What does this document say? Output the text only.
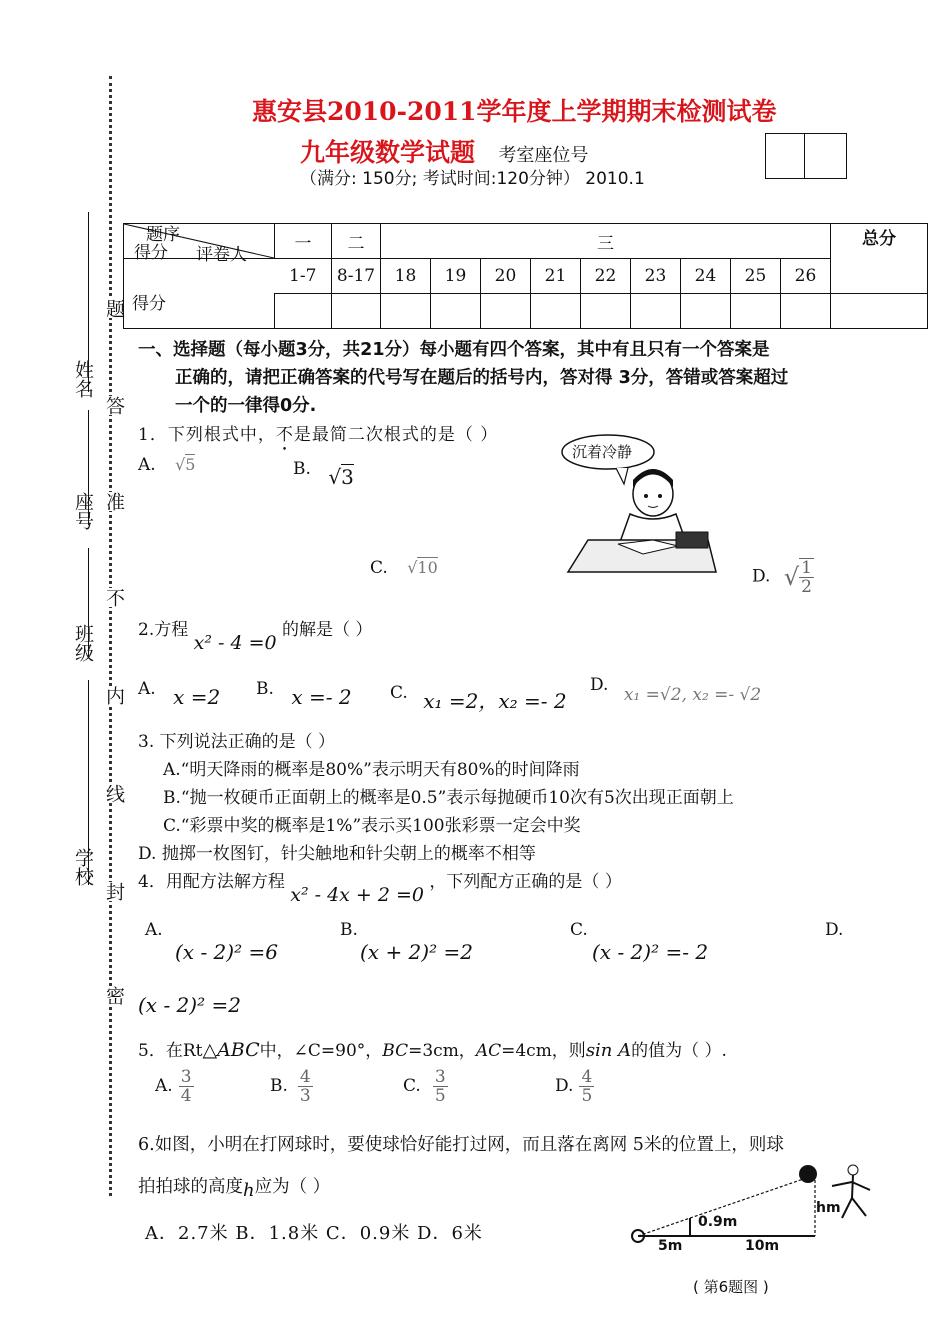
姓名
座号
班级
学校
题
答
准
不
内
线
封
密
惠安县2010-2011学年度上学期期末检测试卷
九年级数学试题 考室座位号
（满分: 150分; 考试时间:120分钟） 2010.1
题序
得分 评卷人	一	二	三									总分
得分	1-7	8-17	18	19	20	21	22	23	24	25	26	

一、选择题（每小题3分，共21分）每小题有四个答案，其中有且只有一个答案是
正确的，请把正确答案的代号写在题后的括号内，答对得 3分，答错或答案超过
一个的一律得0分.
1．下列根式中，不是最简二次根式的是（ ）
A. √5	B. √3
C. √10	D. √ $\frac{1}{2}$
沉着冷静
2.方程 x² - 4 =0 的解是（ ）
A. x =2 B. x =- 2 C. x₁ =2，x₂ =- 2
D. x₁ =√2, x₂ =- √2
3. 下列说法正确的是（ ）
A.“明天降雨的概率是80%”表示明天有80%的时间降雨
B.“抛一枚硬币正面朝上的概率是0.5”表示每抛硬币10次有5次出现正面朝上
C.“彩票中奖的概率是1%”表示买100张彩票一定会中奖
D. 抛掷一枚图钉，针尖触地和针尖朝上的概率不相等
4．用配方法解方程 x² - 4x + 2 =0 ，下列配方正确的是（ ）
A.
(x - 2)² =6
B.
(x + 2)² =2
C.
(x - 2)² =- 2
D.
(x - 2)² =2
5．在Rt△ABC中，∠C=90°，BC=3cm，AC=4cm，则sin A的值为（ ）.
A. $\frac{3}{4}$	B. $\frac{4}{3}$	C. $\frac{3}{5}$	D. $\frac{4}{5}$
6.如图，小明在打网球时，要使球恰好能打过网，而且落在离网 5米的位置上，则球
拍拍球的高度h应为（ ）
A．2.7米 B．1.8米 C．0.9米 D．6米
0.9m
hm
5m	10m
( 第6题图 )
